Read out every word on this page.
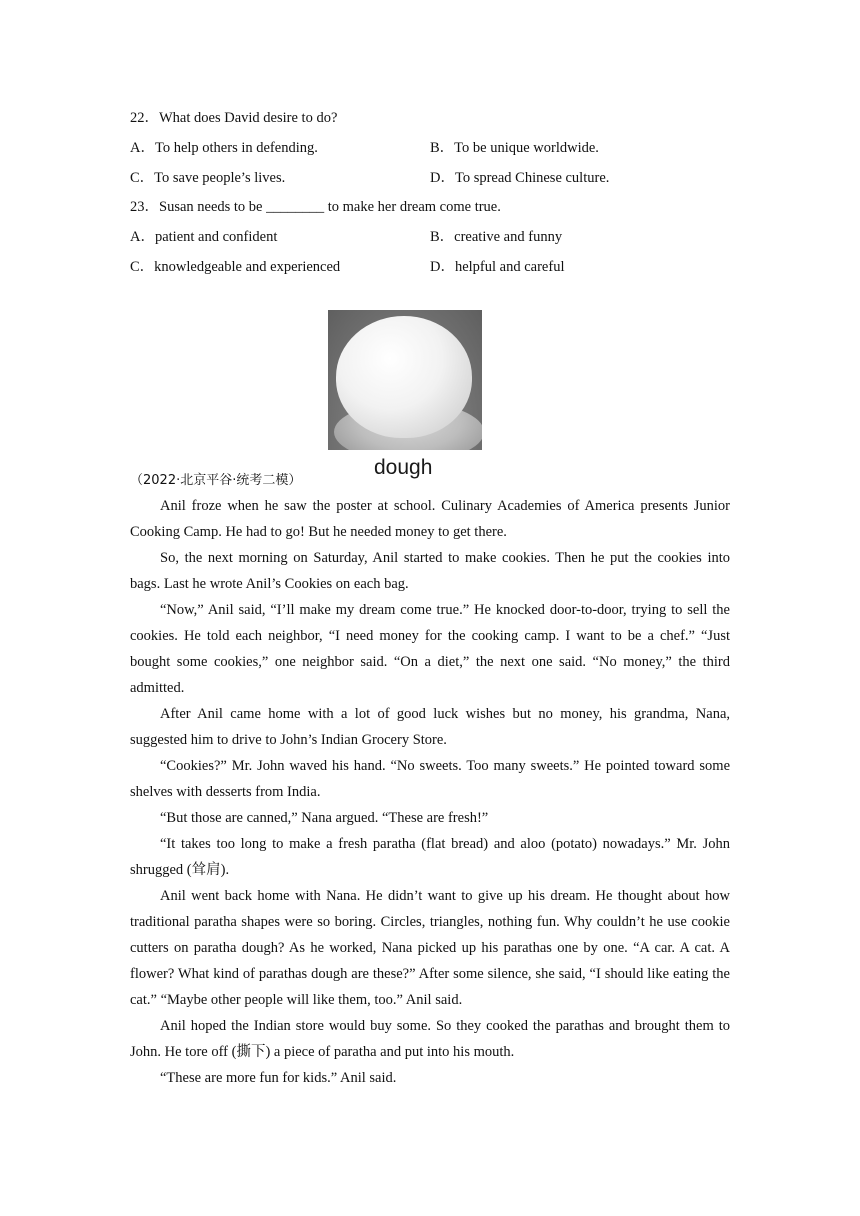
22．What does David desire to do?
A．To help others in defending.	B．To be unique worldwide.
C．To save people’s lives.	D．To spread Chinese culture.
23．Susan needs to be ________ to make her dream come true.
A．patient and confident	B．creative and funny
C．knowledgeable and experienced	D．helpful and careful
dough
（2022·北京平谷·统考二模）

Anil froze when he saw the poster at school. Culinary Academies of America presents Junior Cooking Camp. He had to go! But he needed money to get there.

So, the next morning on Saturday, Anil started to make cookies. Then he put the cookies into bags. Last he wrote Anil’s Cookies on each bag.

“Now,” Anil said, “I’ll make my dream come true.” He knocked door-to-door, trying to sell the cookies. He told each neighbor, “I need money for the cooking camp. I want to be a chef.” “Just bought some cookies,” one neighbor said. “On a diet,” the next one said. “No money,” the third admitted.

After Anil came home with a lot of good luck wishes but no money, his grandma, Nana, suggested him to drive to John’s Indian Grocery Store.

“Cookies?” Mr. John waved his hand. “No sweets. Too many sweets.” He pointed toward some shelves with desserts from India.

“But those are canned,” Nana argued. “These are fresh!”

“It takes too long to make a fresh paratha (flat bread) and aloo (potato) nowadays.” Mr. John shrugged (耸肩).

Anil went back home with Nana. He didn’t want to give up his dream. He thought about how traditional paratha shapes were so boring. Circles, triangles, nothing fun. Why couldn’t he use cookie cutters on paratha dough? As he worked, Nana picked up his parathas one by one. “A car. A cat. A flower? What kind of parathas dough are these?” After some silence, she said, “I should like eating the cat.” “Maybe other people will like them, too.” Anil said.

Anil hoped the Indian store would buy some. So they cooked the parathas and brought them to John. He tore off (撕下) a piece of paratha and put into his mouth.

“These are more fun for kids.” Anil said.
